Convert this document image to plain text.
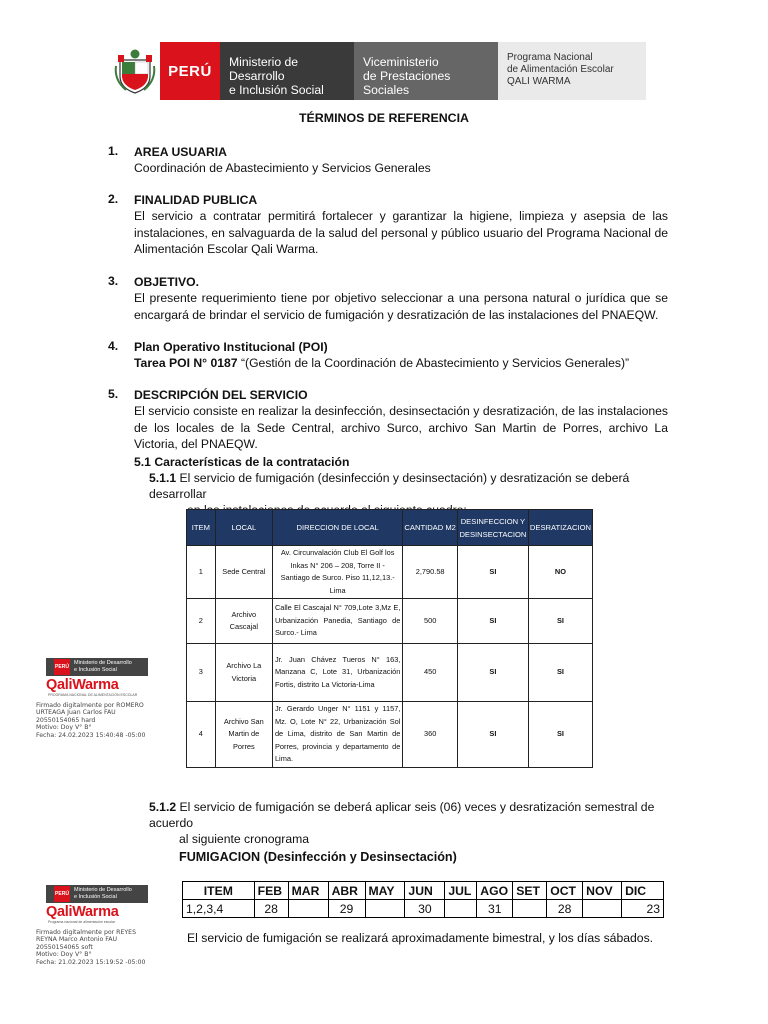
PERÚ
Ministerio de Desarrollo
e Inclusión Social
Viceministerio
de Prestaciones Sociales
Programa Nacional
de Alimentación Escolar
QALI WARMA
TÉRMINOS DE REFERENCIA
1. AREA USUARIA
Coordinación de Abastecimiento y Servicios Generales
2. FINALIDAD PUBLICA
El servicio a contratar permitirá fortalecer y garantizar la higiene, limpieza y asepsia de las instalaciones, en salvaguarda de la salud del personal y público usuario del Programa Nacional de Alimentación Escolar Qali Warma.
3. OBJETIVO.
El presente requerimiento tiene por objetivo seleccionar a una persona natural o jurídica que se encargará de brindar el servicio de fumigación y desratización de las instalaciones del PNAEQW.
4. Plan Operativo Institucional (POI)
Tarea POI N° 0187 “(Gestión de la Coordinación de Abastecimiento y Servicios Generales)”
5. DESCRIPCIÓN DEL SERVICIO
El servicio consiste en realizar la desinfección, desinsectación y desratización, de las instalaciones de los locales de la Sede Central, archivo Surco, archivo San Martin de Porres, archivo La Victoria, del PNAEQW.
5.1 Características de la contratación
5.1.1 El servicio de fumigación (desinfección y desinsectación) y desratización se deberá desarrollar
ITEM	LOCAL	DIRECCION DE LOCAL	CANTIDAD M2	DESINFECCION Y DESINSECTACION	DESRATIZACION
1	Sede Central	Av. Circunvalación Club El Golf los Inkas N° 206 – 208, Torre II - Santiago de Surco. Piso 11,12,13.- Lima	2,790.58	SI	NO
2	Archivo Cascajal	Calle El Cascajal N° 709,Lote 3,Mz E, Urbanización Panedia, Santiago de Surco.- Lima	500	SI	SI
3	Archivo La Victoria	Jr. Juan Chávez Tueros N° 163, Manzana C, Lote 31, Urbanización Fortis, distrito La Victoria-Lima	450	SI	SI
4	Archivo San Martin de Porres	Jr. Gerardo Unger N° 1151 y 1157, Mz. O, Lote N° 22, Urbanización Sol de Lima, distrito de San Martin de Porres, provincia y departamento de Lima.	360	SI	SI
PERÚ
Ministerio de Desarrollo
e Inclusión Social
QaliWarma
PROGRAMA NACIONAL DE ALIMENTACIÓN ESCOLAR
Firmado digitalmente por ROMERO
URTEAGA Juan Carlos FAU
20550154065 hard
Motivo: Doy V° B°
Fecha: 24.02.2023 15:40:48 -05:00
5.1.2 El servicio de fumigación se deberá aplicar seis (06) veces y desratización semestral de acuerdo
al siguiente cronograma
FUMIGACION (Desinfección y Desinsectación)
ITEM	FEB	MAR	ABR	MAY	JUN	JUL	AGO	SET	OCT	NOV	DIC
1,2,3,4	28		29		30		31		28		23
PERÚ
Ministerio de Desarrollo
e Inclusión Social
QaliWarma
Programa nacional de alimentación escolar
Firmado digitalmente por REYES
REYNA Marco Antonio FAU
20550154065 soft
Motivo: Doy V° B°
Fecha: 21.02.2023 15:19:52 -05:00
El servicio de fumigación se realizará aproximadamente bimestral, y los días sábados.
